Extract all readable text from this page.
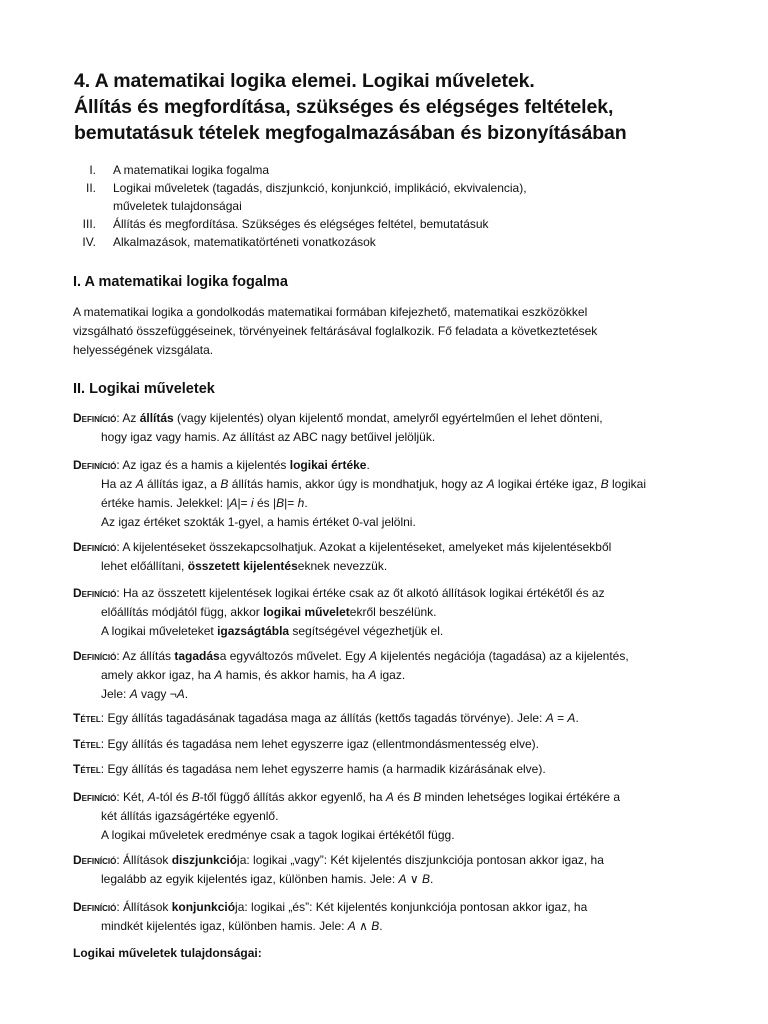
4. A matematikai logika elemei. Logikai műveletek.
Állítás és megfordítása, szükséges és elégséges feltételek,
bemutatásuk tételek megfogalmazásában és bizonyításában
I. A matematikai logika fogalma
II. Logikai műveletek (tagadás, diszjunkció, konjunkció, implikáció, ekvivalencia),
műveletek tulajdonságai
III. Állítás és megfordítása. Szükséges és elégséges feltétel, bemutatásuk
IV. Alkalmazások, matematikatörténeti vonatkozások
I. A matematikai logika fogalma
A matematikai logika a gondolkodás matematikai formában kifejezhető, matematikai eszközökkel
vizsgálható összefüggéseinek, törvényeinek feltárásával foglalkozik. Fő feladata a következtetések
helyességének vizsgálata.
II. Logikai műveletek
Definíció: Az állítás (vagy kijelentés) olyan kijelentő mondat, amelyről egyértelműen el lehet dönteni,
hogy igaz vagy hamis. Az állítást az ABC nagy betűivel jelöljük.
Definíció: Az igaz és a hamis a kijelentés logikai értéke.
Ha az A állítás igaz, a B állítás hamis, akkor úgy is mondhatjuk, hogy az A logikai értéke igaz, B logikai
értéke hamis. Jelekkel: |A|= i és |B|= h.
Az igaz értéket szokták 1-gyel, a hamis értéket 0-val jelölni.
Definíció: A kijelentéseket összekapcsolhatjuk. Azokat a kijelentéseket, amelyeket más kijelentésekből
lehet előállítani, összetett kijelentéseknek nevezzük.
Definíció: Ha az összetett kijelentések logikai értéke csak az őt alkotó állítások logikai értékétől és az
előállítás módjától függ, akkor logikai műveletekről beszélünk.
A logikai műveleteket igazságtábla segítségével végezhetjük el.
Definíció: Az állítás tagadása egyváltozós művelet. Egy A kijelentés negációja (tagadása) az a kijelentés,
amely akkor igaz, ha A hamis, és akkor hamis, ha A igaz.
Jele: A vagy ¬A.
Tétel: Egy állítás tagadásának tagadása maga az állítás (kettős tagadás törvénye). Jele: A = A.
Tétel: Egy állítás és tagadása nem lehet egyszerre igaz (ellentmondásmentesség elve).
Tétel: Egy állítás és tagadása nem lehet egyszerre hamis (a harmadik kizárásának elve).
Definíció: Két, A-tól és B-től függő állítás akkor egyenlő, ha A és B minden lehetséges logikai értékére a
két állítás igazságértéke egyenlő.
A logikai műveletek eredménye csak a tagok logikai értékétől függ.
Definíció: Állítások diszjunkciója: logikai „vagy”: Két kijelentés diszjunkciója pontosan akkor igaz, ha
legalább az egyik kijelentés igaz, különben hamis. Jele: A ∨ B.
Definíció: Állítások konjunkciója: logikai „és”: Két kijelentés konjunkciója pontosan akkor igaz, ha
mindkét kijelentés igaz, különben hamis. Jele: A ∧ B.
Logikai műveletek tulajdonságai:
